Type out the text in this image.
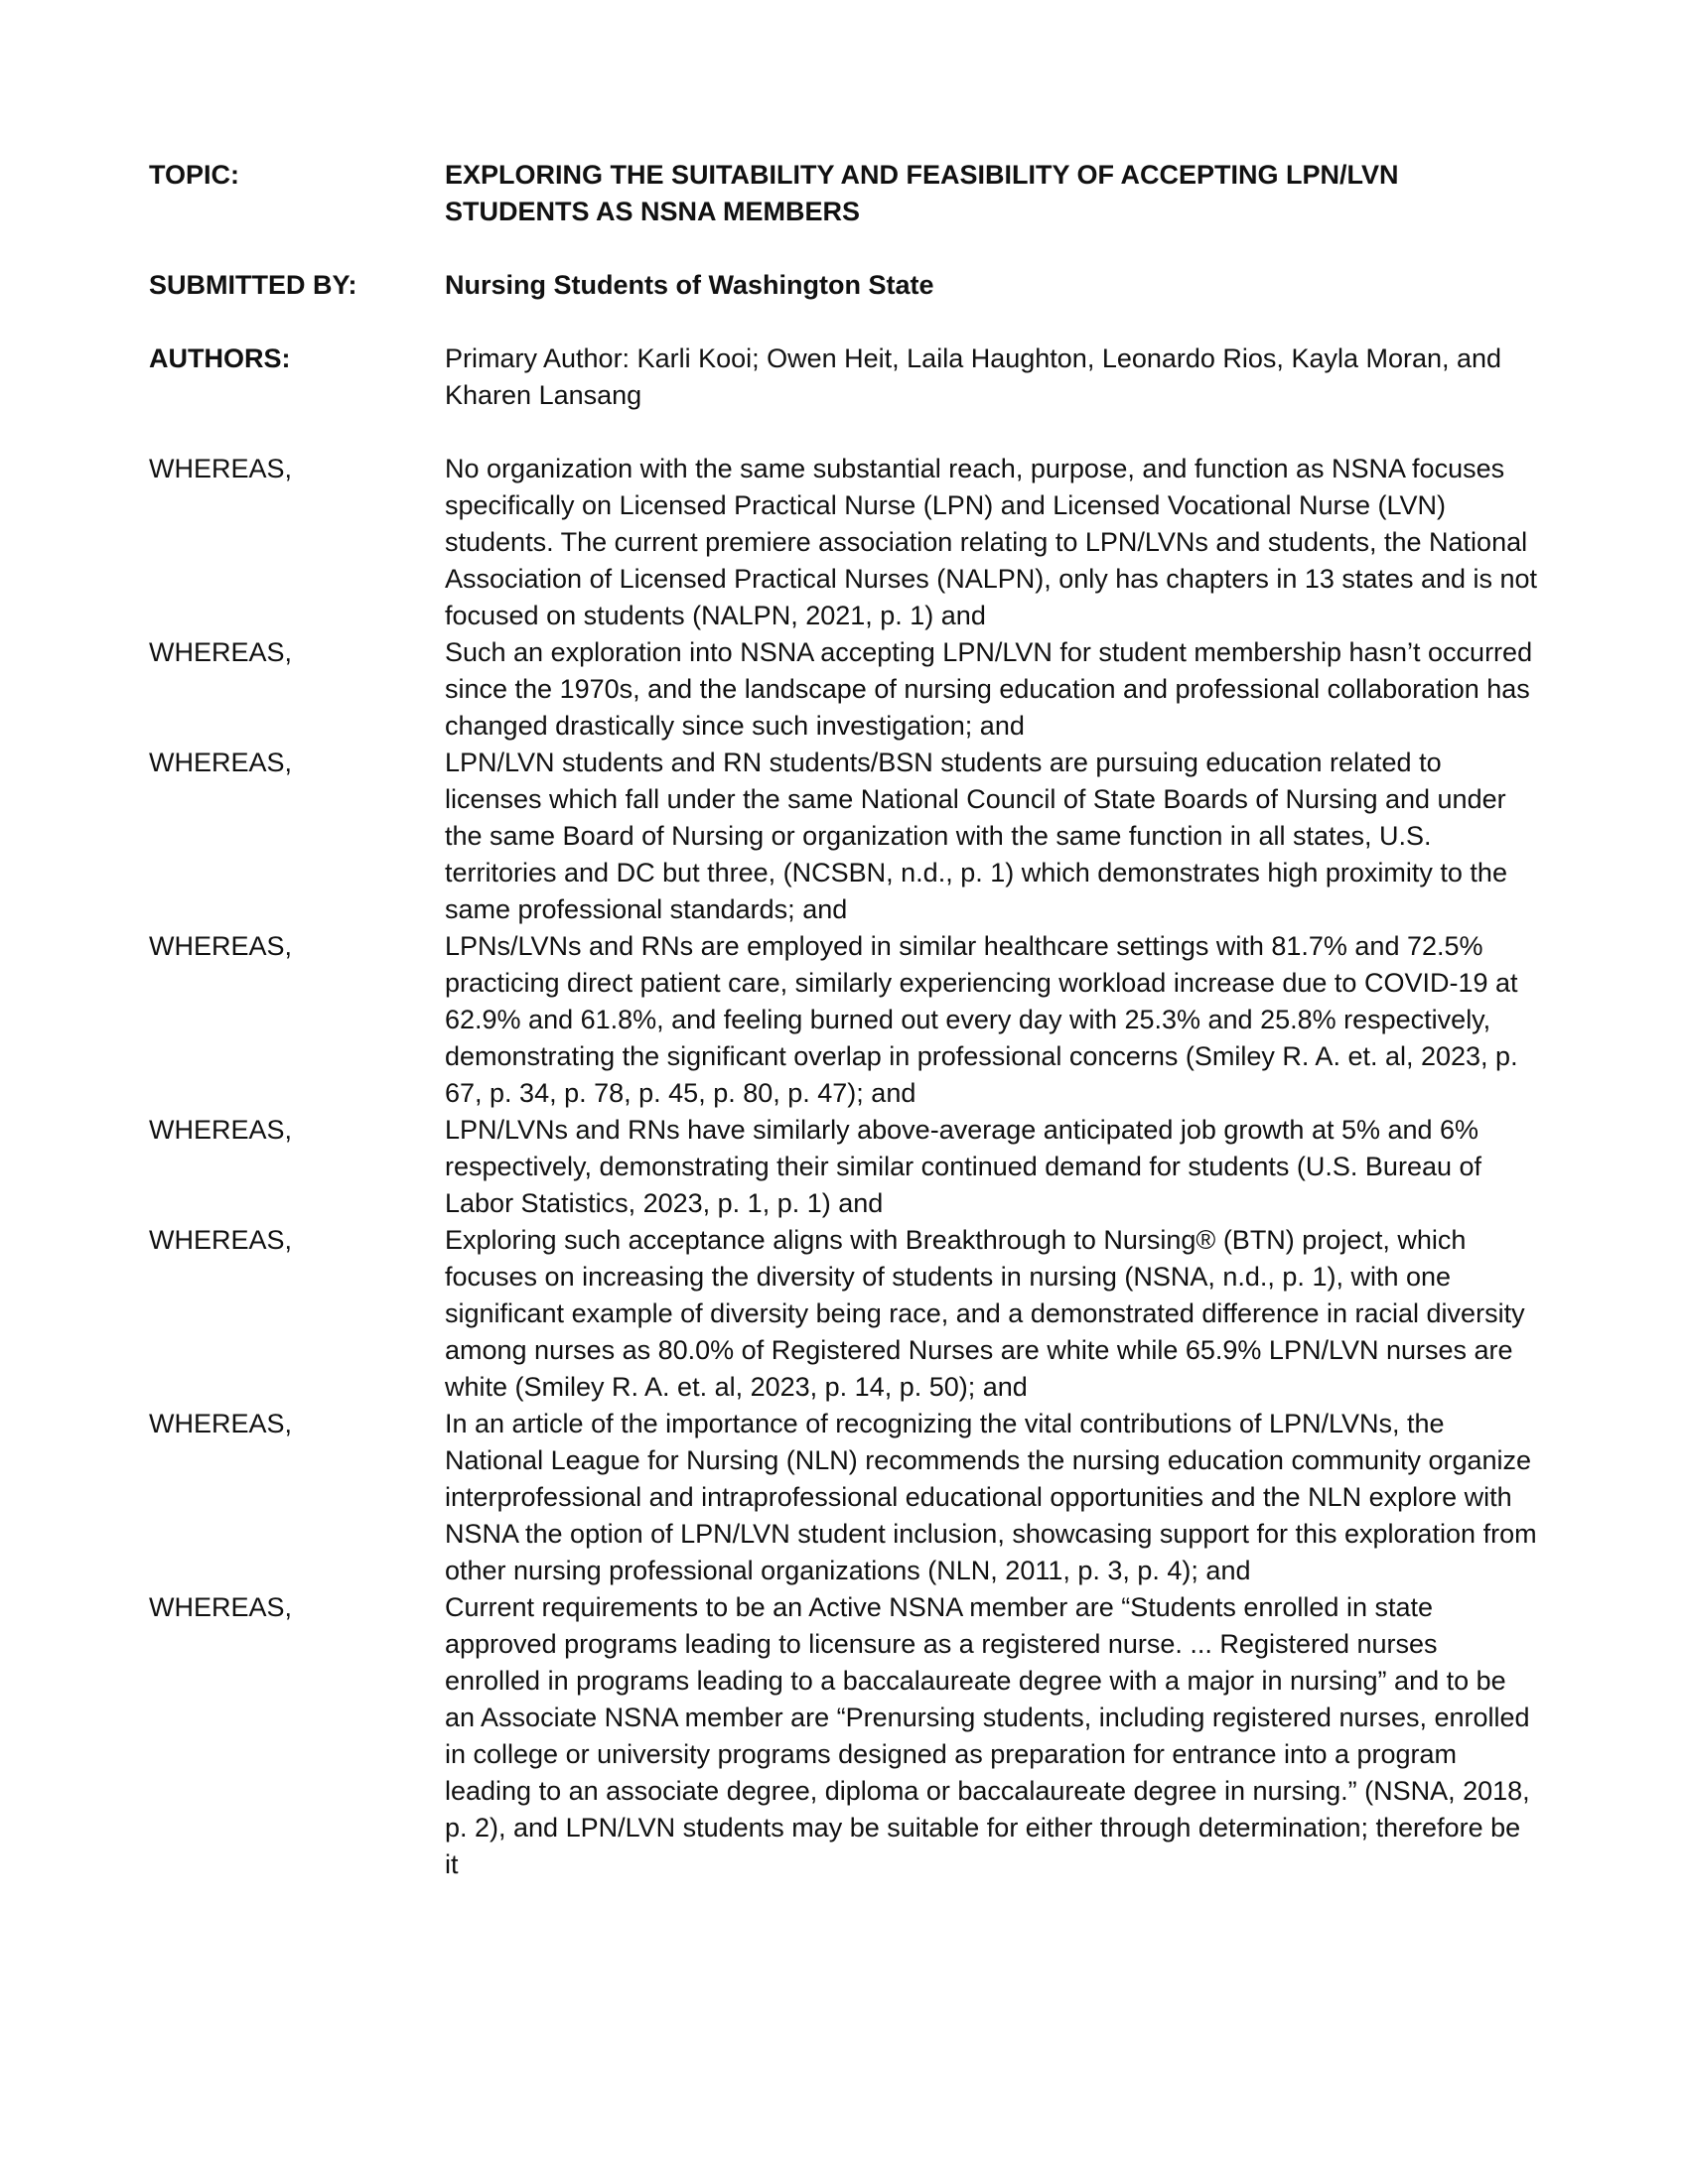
TOPIC:	EXPLORING THE SUITABILITY AND FEASIBILITY OF ACCEPTING LPN/LVN STUDENTS AS NSNA MEMBERS
SUBMITTED BY:	Nursing Students of Washington State
AUTHORS:	Primary Author: Karli Kooi; Owen Heit, Laila Haughton, Leonardo Rios, Kayla Moran, and Kharen Lansang
WHEREAS,	No organization with the same substantial reach, purpose, and function as NSNA focuses specifically on Licensed Practical Nurse (LPN) and Licensed Vocational Nurse (LVN) students. The current premiere association relating to LPN/LVNs and students, the National Association of Licensed Practical Nurses (NALPN), only has chapters in 13 states and is not focused on students (NALPN, 2021, p. 1) and
WHEREAS,	Such an exploration into NSNA accepting LPN/LVN for student membership hasn’t occurred since the 1970s, and the landscape of nursing education and professional collaboration has changed drastically since such investigation; and
WHEREAS,	LPN/LVN students and RN students/BSN students are pursuing education related to licenses which fall under the same National Council of State Boards of Nursing and under the same Board of Nursing or organization with the same function in all states, U.S. territories and DC but three, (NCSBN, n.d., p. 1) which demonstrates high proximity to the same professional standards; and
WHEREAS,	LPNs/LVNs and RNs are employed in similar healthcare settings with 81.7% and 72.5% practicing direct patient care, similarly experiencing workload increase due to COVID-19 at 62.9% and 61.8%, and feeling burned out every day with 25.3% and 25.8% respectively, demonstrating the significant overlap in professional concerns (Smiley R. A. et. al, 2023, p. 67, p. 34, p. 78, p. 45, p. 80, p. 47); and
WHEREAS,	LPN/LVNs and RNs have similarly above-average anticipated job growth at 5% and 6% respectively, demonstrating their similar continued demand for students (U.S. Bureau of Labor Statistics, 2023, p. 1, p. 1) and
WHEREAS,	Exploring such acceptance aligns with Breakthrough to Nursing® (BTN) project, which focuses on increasing the diversity of students in nursing (NSNA, n.d., p. 1), with one significant example of diversity being race, and a demonstrated difference in racial diversity among nurses as 80.0% of Registered Nurses are white while 65.9% LPN/LVN nurses are white (Smiley R. A. et. al, 2023, p. 14, p. 50); and
WHEREAS,	In an article of the importance of recognizing the vital contributions of LPN/LVNs, the National League for Nursing (NLN) recommends the nursing education community organize interprofessional and intraprofessional educational opportunities and the NLN explore with NSNA the option of LPN/LVN student inclusion, showcasing support for this exploration from other nursing professional organizations (NLN, 2011, p. 3, p. 4); and
WHEREAS,	Current requirements to be an Active NSNA member are “Students enrolled in state approved programs leading to licensure as a registered nurse. ... Registered nurses enrolled in programs leading to a baccalaureate degree with a major in nursing” and to be an Associate NSNA member are “Prenursing students, including registered nurses, enrolled in college or university programs designed as preparation for entrance into a program leading to an associate degree, diploma or baccalaureate degree in nursing.” (NSNA, 2018, p. 2), and LPN/LVN students may be suitable for either through determination; therefore be it
